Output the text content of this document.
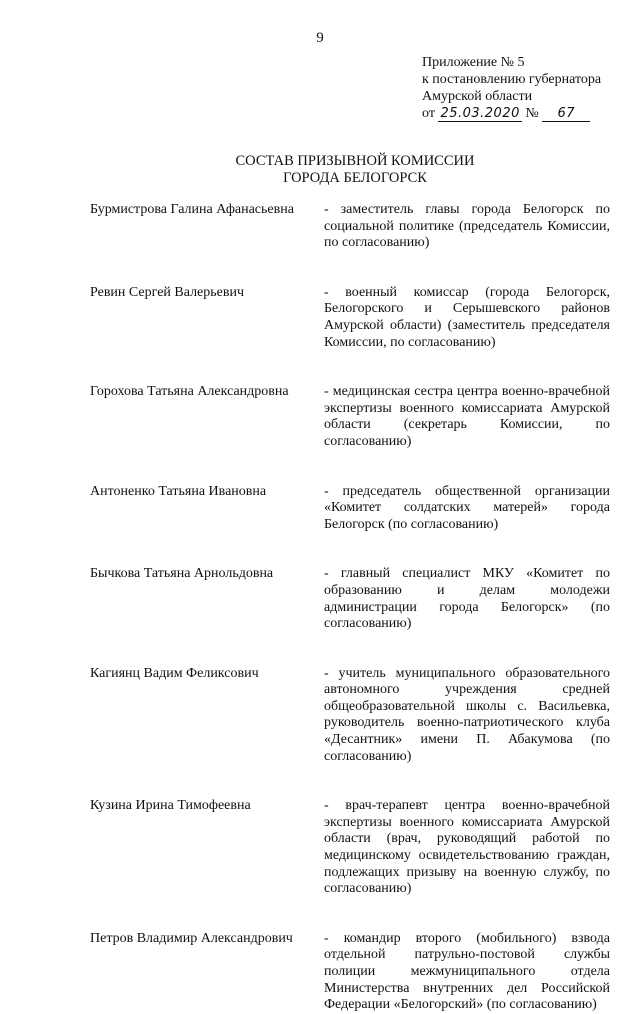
9
Приложение № 5
к постановлению губернатора
Амурской области
от 25.03.2020 № 67
СОСТАВ ПРИЗЫВНОЙ КОМИССИИ
ГОРОДА БЕЛОГОРСК
Бурмистрова Галина Афанасьевна	- заместитель главы города Белогорск по социальной политике (председатель Комиссии, по согласованию)
Ревин Сергей Валерьевич	- военный комиссар (города Белогорск, Белогорского и Серышевского районов Амурской области) (заместитель председателя Комиссии, по согласованию)
Горохова Татьяна Александровна	- медицинская сестра центра военно-врачебной экспертизы военного комиссариата Амурской области (секретарь Комиссии, по согласованию)
Антоненко Татьяна Ивановна	- председатель общественной организации «Комитет солдатских матерей» города Белогорск (по согласованию)
Бычкова Татьяна Арнольдовна	- главный специалист МКУ «Комитет по образованию и делам молодежи администрации города Белогорск» (по согласованию)
Кагиянц Вадим Феликсович	- учитель муниципального образовательного автономного учреждения средней общеобразовательной школы с. Васильевка, руководитель военно-патриотического клуба «Десантник» имени П. Абакумова (по согласованию)
Кузина Ирина Тимофеевна	- врач-терапевт центра военно-врачебной экспертизы военного комиссариата Амурской области (врач, руководящий работой по медицинскому освидетельствованию граждан, подлежащих призыву на военную службу, по согласованию)
Петров Владимир Александрович	- командир второго (мобильного) взвода отдельной патрульно-постовой службы полиции межмуниципального отдела Министерства внутренних дел Российской Федерации «Белогорский» (по согласованию)
